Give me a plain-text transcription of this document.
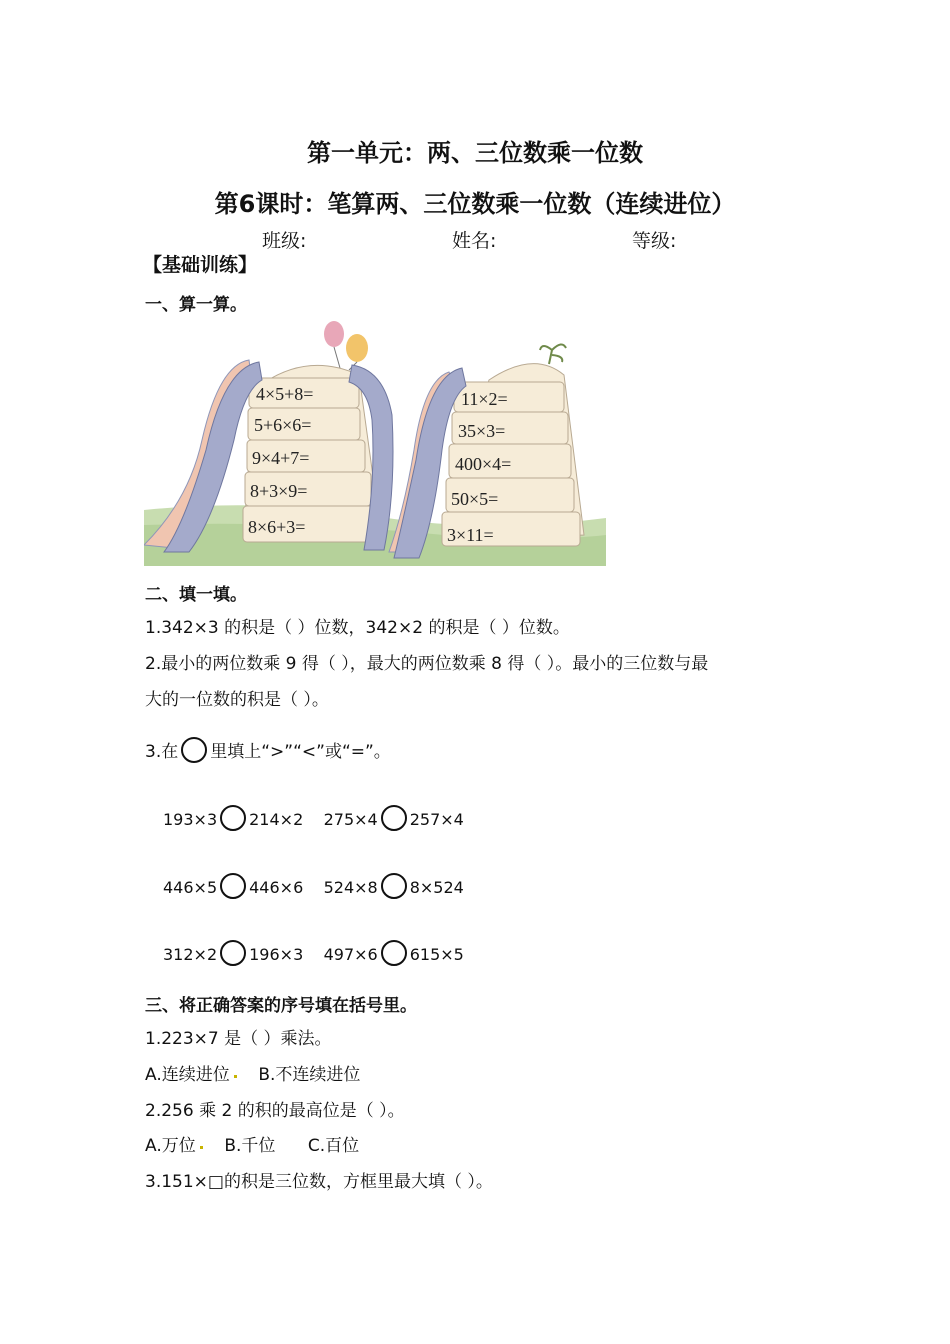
第一单元：两、三位数乘一位数
第6课时：笔算两、三位数乘一位数（连续进位）
班级:	姓名:	等级:
【基础训练】
一、算一算。
4×5+8=
5+6×6=
9×4+7=
8+3×9=
8×6+3=
11×2=
35×3=
400×4=
50×5=
3×11=
二、填一填。
1.342×3 的积是（ ）位数，342×2 的积是（ ）位数。
2.最小的两位数乘 9 得（ ），最大的两位数乘 8 得（ ）。最小的三位数与最
大的一位数的积是（ ）。
3.在 里填上“>”“<”或“=”。
193×3 214×2 275×4 257×4
446×5 446×6 524×8 8×524
312×2 196×3 497×6 615×5
三、将正确答案的序号填在括号里。
1.223×7 是（ ）乘法。
A.连续进位 B.不连续进位
2.256 乘 2 的积的最高位是（ ）。
A.万位 B.千位 C.百位
3.151×□的积是三位数，方框里最大填（ ）。
